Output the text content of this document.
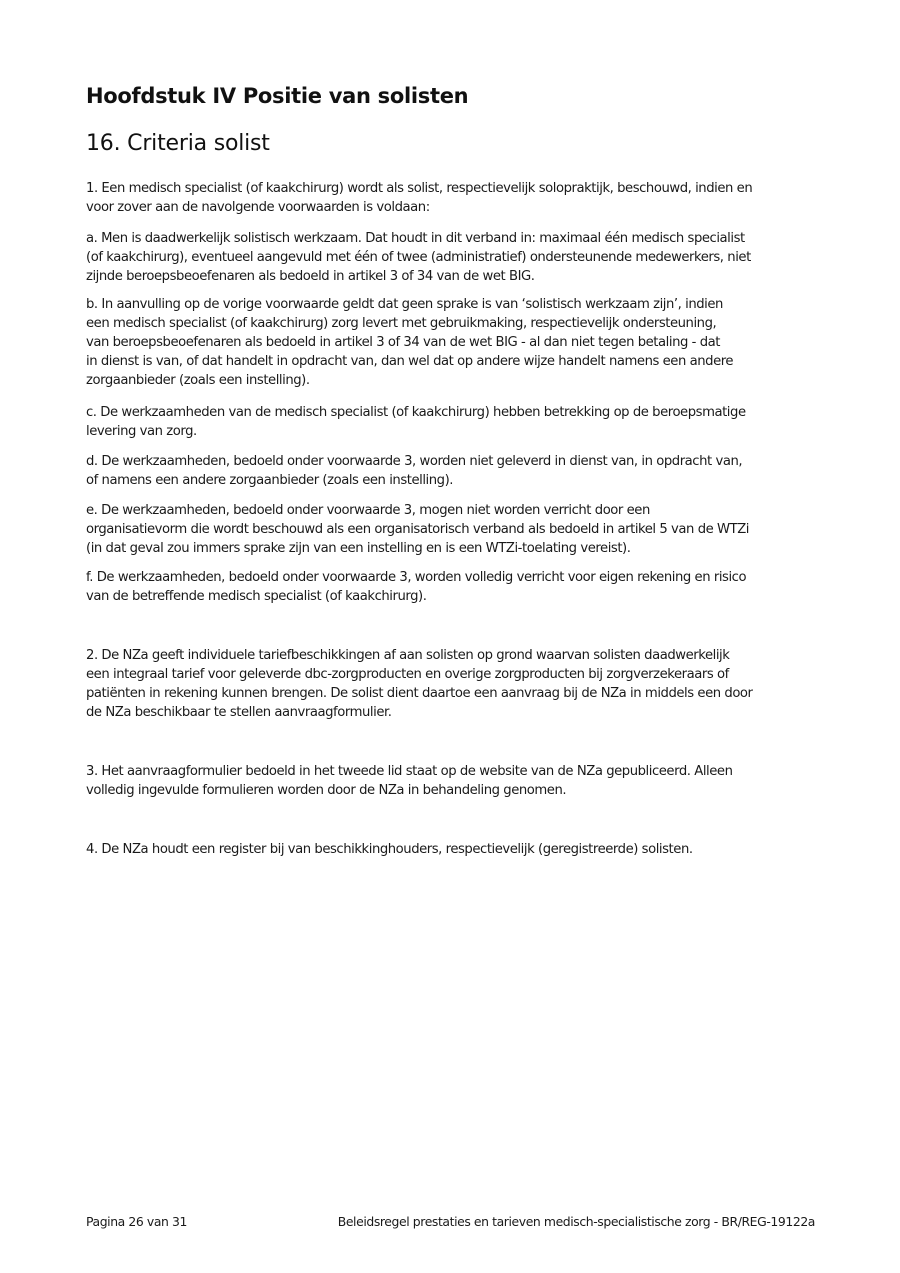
Hoofdstuk IV Positie van solisten
16. Criteria solist

1. Een medisch specialist (of kaakchirurg) wordt als solist, respectievelijk solopraktijk, beschouwd, indien en
voor zover aan de navolgende voorwaarden is voldaan:

a. Men is daadwerkelijk solistisch werkzaam. Dat houdt in dit verband in: maximaal één medisch specialist
(of kaakchirurg), eventueel aangevuld met één of twee (administratief) ondersteunende medewerkers, niet
zijnde beroepsbeoefenaren als bedoeld in artikel 3 of 34 van de wet BIG.

b. In aanvulling op de vorige voorwaarde geldt dat geen sprake is van ‘solistisch werkzaam zijn’, indien
een medisch specialist (of kaakchirurg) zorg levert met gebruikmaking, respectievelijk ondersteuning,
van beroepsbeoefenaren als bedoeld in artikel 3 of 34 van de wet BIG - al dan niet tegen betaling - dat
in dienst is van, of dat handelt in opdracht van, dan wel dat op andere wijze handelt namens een andere
zorgaanbieder (zoals een instelling).

c. De werkzaamheden van de medisch specialist (of kaakchirurg) hebben betrekking op de beroepsmatige
levering van zorg.

d. De werkzaamheden, bedoeld onder voorwaarde 3, worden niet geleverd in dienst van, in opdracht van,
of namens een andere zorgaanbieder (zoals een instelling).

e. De werkzaamheden, bedoeld onder voorwaarde 3, mogen niet worden verricht door een
organisatievorm die wordt beschouwd als een organisatorisch verband als bedoeld in artikel 5 van de WTZi
(in dat geval zou immers sprake zijn van een instelling en is een WTZi-toelating vereist).

f. De werkzaamheden, bedoeld onder voorwaarde 3, worden volledig verricht voor eigen rekening en risico
van de betreffende medisch specialist (of kaakchirurg).

2. De NZa geeft individuele tariefbeschikkingen af aan solisten op grond waarvan solisten daadwerkelijk
een integraal tarief voor geleverde dbc-zorgproducten en overige zorgproducten bij zorgverzekeraars of
patiënten in rekening kunnen brengen. De solist dient daartoe een aanvraag bij de NZa in middels een door
de NZa beschikbaar te stellen aanvraagformulier.

3. Het aanvraagformulier bedoeld in het tweede lid staat op de website van de NZa gepubliceerd. Alleen
volledig ingevulde formulieren worden door de NZa in behandeling genomen.

4. De NZa houdt een register bij van beschikkinghouders, respectievelijk (geregistreerde) solisten.

Pagina 26 van 31	Beleidsregel prestaties en tarieven medisch-specialistische zorg - BR/REG-19122a
